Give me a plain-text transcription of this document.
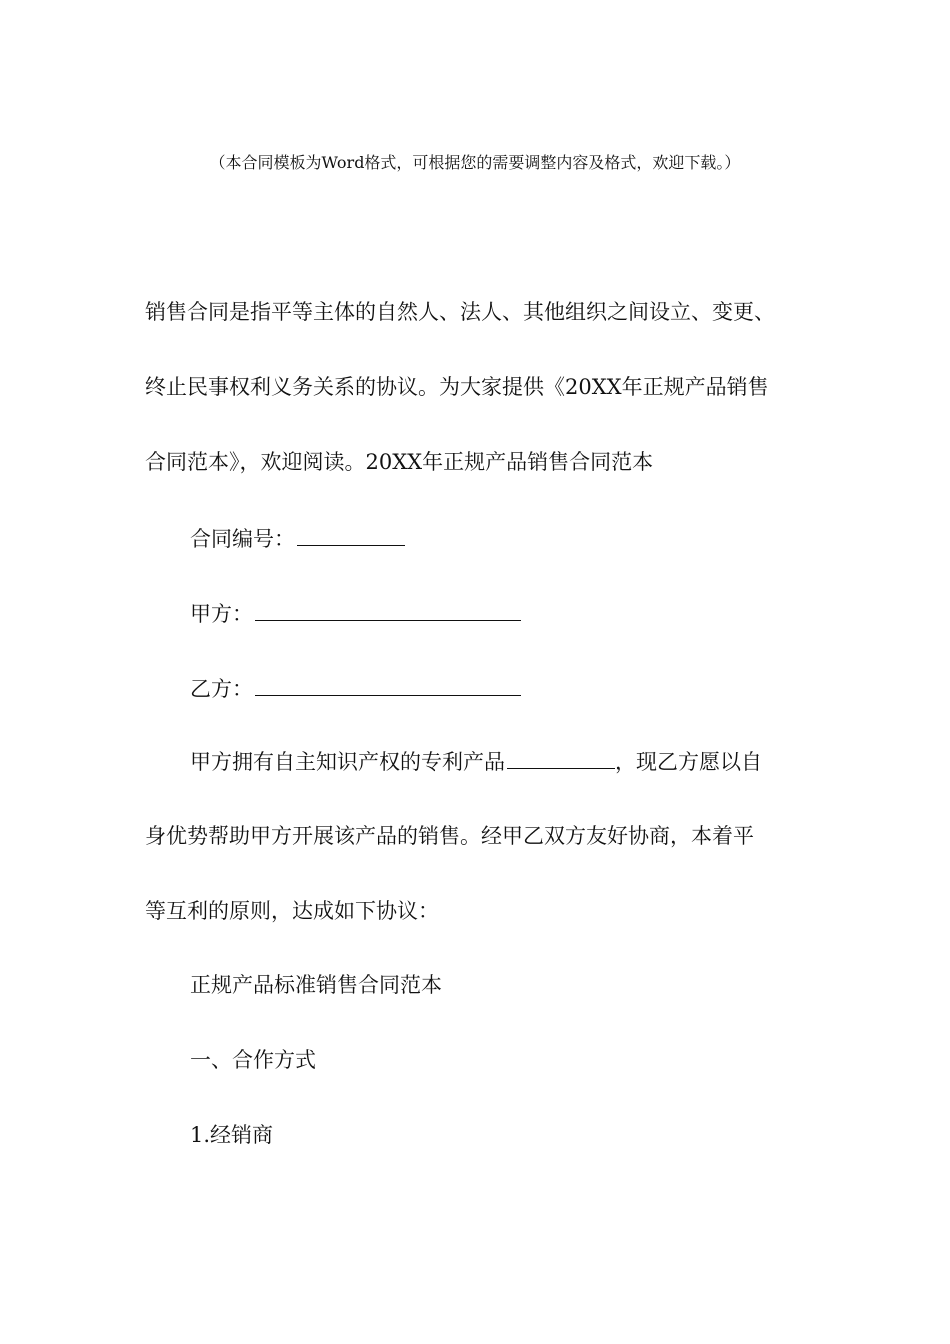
（本合同模板为Word格式，可根据您的需要调整内容及格式，欢迎下载。）
销售合同是指平等主体的自然人、法人、其他组织之间设立、变更、
终止民事权利义务关系的协议。为大家提供《20XX年正规产品销售
合同范本》，欢迎阅读。20XX年正规产品销售合同范本
合同编号：
甲方：
乙方：
甲方拥有自主知识产权的专利产品	，现乙方愿以自
身优势帮助甲方开展该产品的销售。经甲乙双方友好协商，本着平
等互利的原则，达成如下协议：
正规产品标准销售合同范本
一、合作方式
1.经销商
